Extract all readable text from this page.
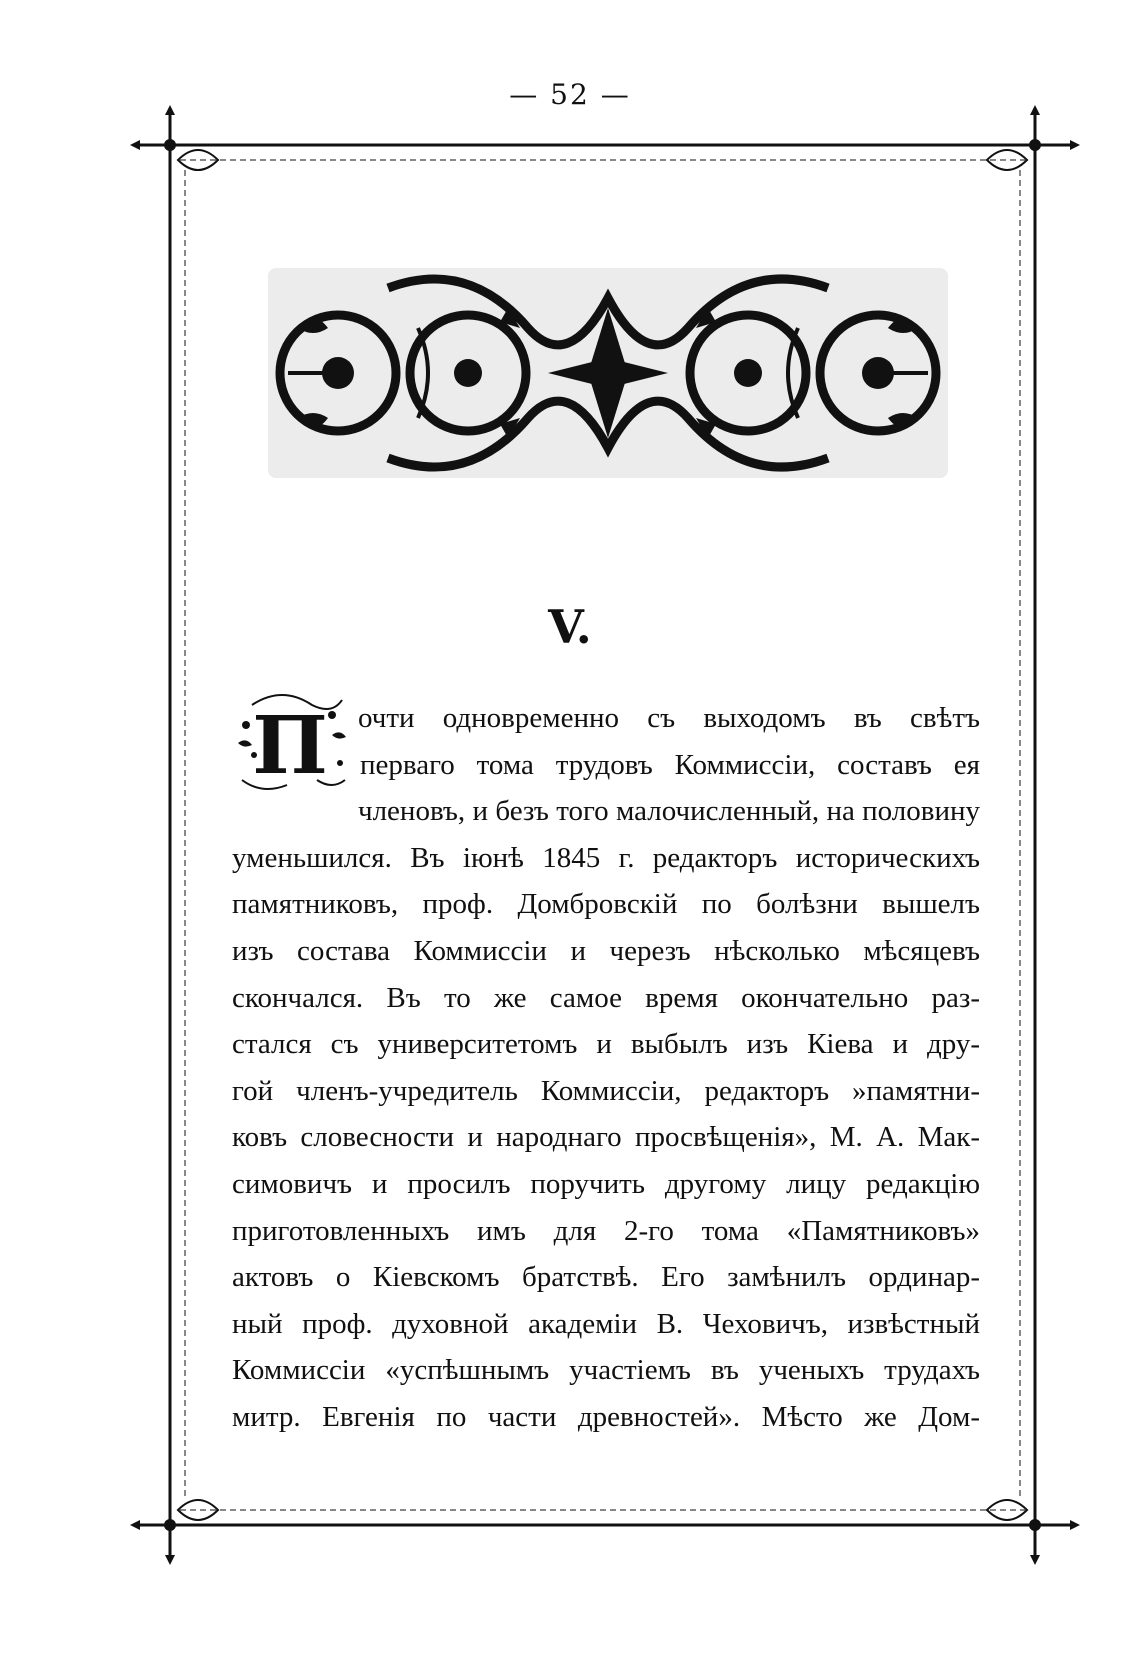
— 52 —
V.
П	очти одновременно съ выходомъ въ свѣтъ
перваго тома трудовъ Коммиссіи, составъ ея
членовъ, и безъ того малочисленный, на половину
уменьшился. Въ іюнѣ 1845 г. редакторъ историческихъ
памятниковъ, проф. Домбровскій по болѣзни вышелъ
изъ состава Коммиссіи и черезъ нѣсколько мѣсяцевъ
скончался. Въ то же самое время окончательно раз-
стался съ университетомъ и выбылъ изъ Кіева и дру-
гой членъ-учредитель Коммиссіи, редакторъ »памятни-
ковъ словесности и народнаго просвѣщенія», М. А. Мак-
симовичъ и просилъ поручить другому лицу редакцію
приготовленныхъ имъ для 2-го тома «Памятниковъ»
актовъ о Кіевскомъ братствѣ. Его замѣнилъ ординар-
ный проф. духовной академіи В. Чеховичъ, извѣстный
Коммиссіи «успѣшнымъ участіемъ въ ученыхъ трудахъ
митр. Евгенія по части древностей». Мѣсто же Дом-
